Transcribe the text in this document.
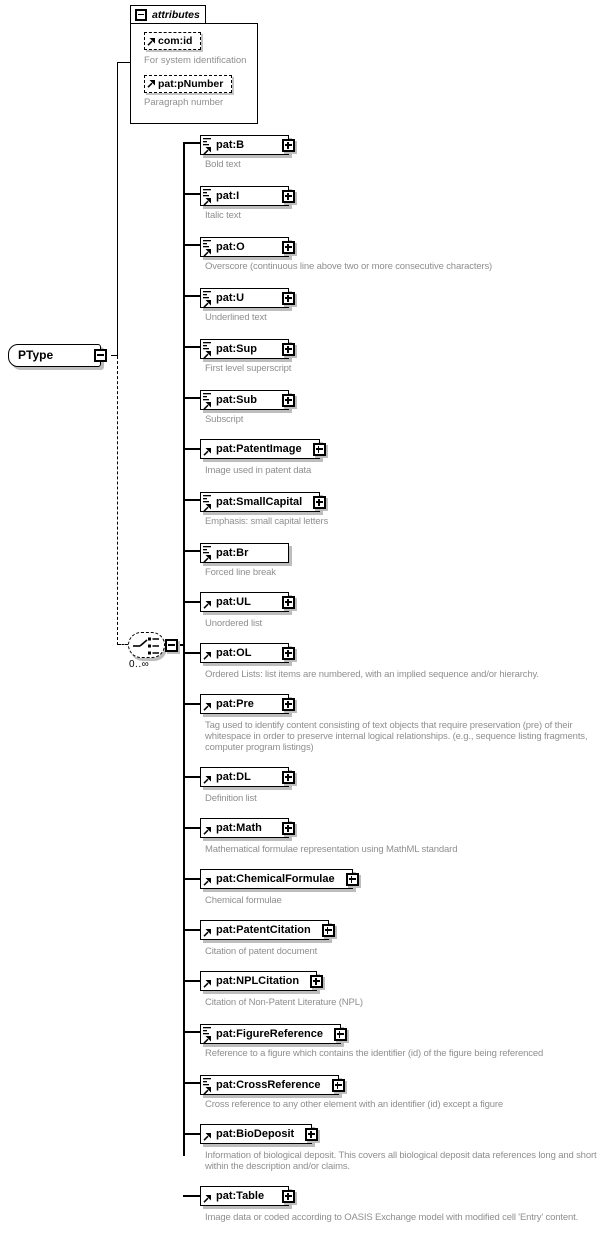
attributes
com:id
For system identification
pat:pNumber
Paragraph number
PType
0..∞
pat:B
Bold text
pat:I
Italic text
pat:O
Overscore (continuous line above two or more consecutive characters)
pat:U
Underlined text
pat:Sup
First level superscript
pat:Sub
Subscript
pat:PatentImage
Image used in patent data
pat:SmallCapital
Emphasis: small capital letters
pat:Br
Forced line break
pat:UL
Unordered list
pat:OL
Ordered Lists: list items are numbered, with an implied sequence and/or hierarchy.
pat:Pre
Tag used to identify content consisting of text objects that require preservation (pre) of their whitespace in order to preserve internal logical relationships. (e.g., sequence listing fragments, computer program listings)
pat:DL
Definition list
pat:Math
Mathematical formulae representation using MathML standard
pat:ChemicalFormulae
Chemical formulae
pat:PatentCitation
Citation of patent document
pat:NPLCitation
Citation of Non-Patent Literature (NPL)
pat:FigureReference
Reference to a figure which contains the identifier (id) of the figure being referenced
pat:CrossReference
Cross reference to any other element with an identifier (id) except a figure
pat:BioDeposit
Information of biological deposit. This covers all biological deposit data references long and short within the description and/or claims.
pat:Table
Image data or coded according to OASIS Exchange model with modified cell 'Entry' content.
